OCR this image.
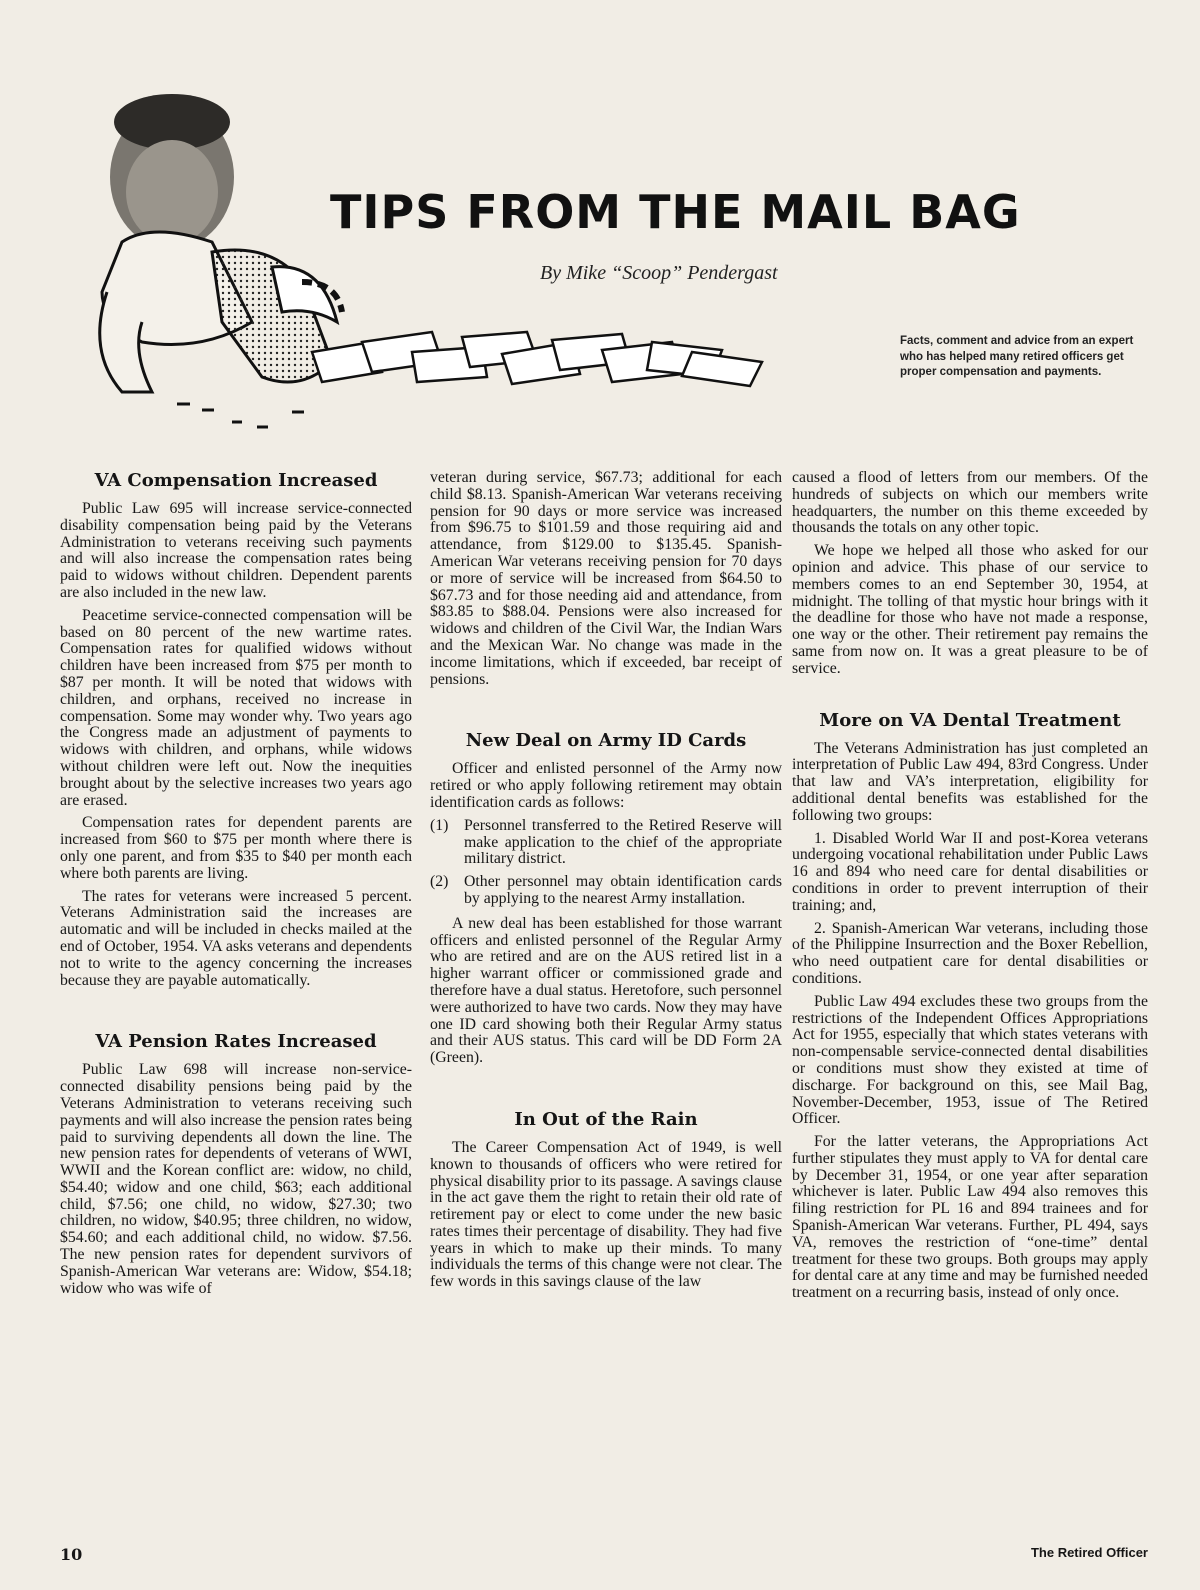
TIPS FROM THE MAIL BAG

By Mike “Scoop” Pendergast

Facts, comment and advice from an expert who has helped many retired officers get proper compensation and payments.

VA Compensation Increased

Public Law 695 will increase service-connected disability compensation being paid by the Veterans Administration to veterans receiving such payments and will also increase the compensation rates being paid to widows without children. Dependent parents are also included in the new law.

Peacetime service-connected compensation will be based on 80 percent of the new wartime rates. Compensation rates for qualified widows without children have been increased from $75 per month to $87 per month. It will be noted that widows with children, and orphans, received no increase in compensation. Some may wonder why. Two years ago the Congress made an adjustment of payments to widows with children, and orphans, while widows without children were left out. Now the inequities brought about by the selective increases two years ago are erased.

Compensation rates for dependent parents are increased from $60 to $75 per month where there is only one parent, and from $35 to $40 per month each where both parents are living.

The rates for veterans were increased 5 percent. Veterans Administration said the increases are automatic and will be included in checks mailed at the end of October, 1954. VA asks veterans and dependents not to write to the agency concerning the increases because they are payable automatically.

VA Pension Rates Increased

Public Law 698 will increase non-service-connected disability pensions being paid by the Veterans Administration to veterans receiving such payments and will also increase the pension rates being paid to surviving dependents all down the line. The new pension rates for dependents of veterans of WWI, WWII and the Korean conflict are: widow, no child, $54.40; widow and one child, $63; each additional child, $7.56; one child, no widow, $27.30; two children, no widow, $40.95; three children, no widow, $54.60; and each additional child, no widow. $7.56. The new pension rates for dependent survivors of Spanish-American War veterans are: Widow, $54.18; widow who was wife of

veteran during service, $67.73; additional for each child $8.13. Spanish-American War veterans receiving pension for 90 days or more service was increased from $96.75 to $101.59 and those requiring aid and attendance, from $129.00 to $135.45. Spanish-American War veterans receiving pension for 70 days or more of service will be increased from $64.50 to $67.73 and for those needing aid and attendance, from $83.85 to $88.04. Pensions were also increased for widows and children of the Civil War, the Indian Wars and the Mexican War. No change was made in the income limitations, which if exceeded, bar receipt of pensions.

New Deal on Army ID Cards

Officer and enlisted personnel of the Army now retired or who apply following retirement may obtain identification cards as follows:

(1) Personnel transferred to the Retired Reserve will make application to the chief of the appropriate military district.
(2) Other personnel may obtain identification cards by applying to the nearest Army installation.

A new deal has been established for those warrant officers and enlisted personnel of the Regular Army who are retired and are on the AUS retired list in a higher warrant officer or commissioned grade and therefore have a dual status. Heretofore, such personnel were authorized to have two cards. Now they may have one ID card showing both their Regular Army status and their AUS status. This card will be DD Form 2A (Green).

In Out of the Rain

The Career Compensation Act of 1949, is well known to thousands of officers who were retired for physical disability prior to its passage. A savings clause in the act gave them the right to retain their old rate of retirement pay or elect to come under the new basic rates times their percentage of disability. They had five years in which to make up their minds. To many individuals the terms of this change were not clear. The few words in this savings clause of the law

caused a flood of letters from our members. Of the hundreds of subjects on which our members write headquarters, the number on this theme exceeded by thousands the totals on any other topic.

We hope we helped all those who asked for our opinion and advice. This phase of our service to members comes to an end September 30, 1954, at midnight. The tolling of that mystic hour brings with it the deadline for those who have not made a response, one way or the other. Their retirement pay remains the same from now on. It was a great pleasure to be of service.

More on VA Dental Treatment

The Veterans Administration has just completed an interpretation of Public Law 494, 83rd Congress. Under that law and VA’s interpretation, eligibility for additional dental benefits was established for the following two groups:

1. Disabled World War II and post-Korea veterans undergoing vocational rehabilitation under Public Laws 16 and 894 who need care for dental disabilities or conditions in order to prevent interruption of their training; and,

2. Spanish-American War veterans, including those of the Philippine Insurrection and the Boxer Rebellion, who need outpatient care for dental disabilities or conditions.

Public Law 494 excludes these two groups from the restrictions of the Independent Offices Appropriations Act for 1955, especially that which states veterans with non-compensable service-connected dental disabilities or conditions must show they existed at time of discharge. For background on this, see Mail Bag, November-December, 1953, issue of The Retired Officer.

For the latter veterans, the Appropriations Act further stipulates they must apply to VA for dental care by December 31, 1954, or one year after separation whichever is later. Public Law 494 also removes this filing restriction for PL 16 and 894 trainees and for Spanish-American War veterans. Further, PL 494, says VA, removes the restriction of “one-time” dental treatment for these two groups. Both groups may apply for dental care at any time and may be furnished needed treatment on a recurring basis, instead of only once.

10	The Retired Officer
